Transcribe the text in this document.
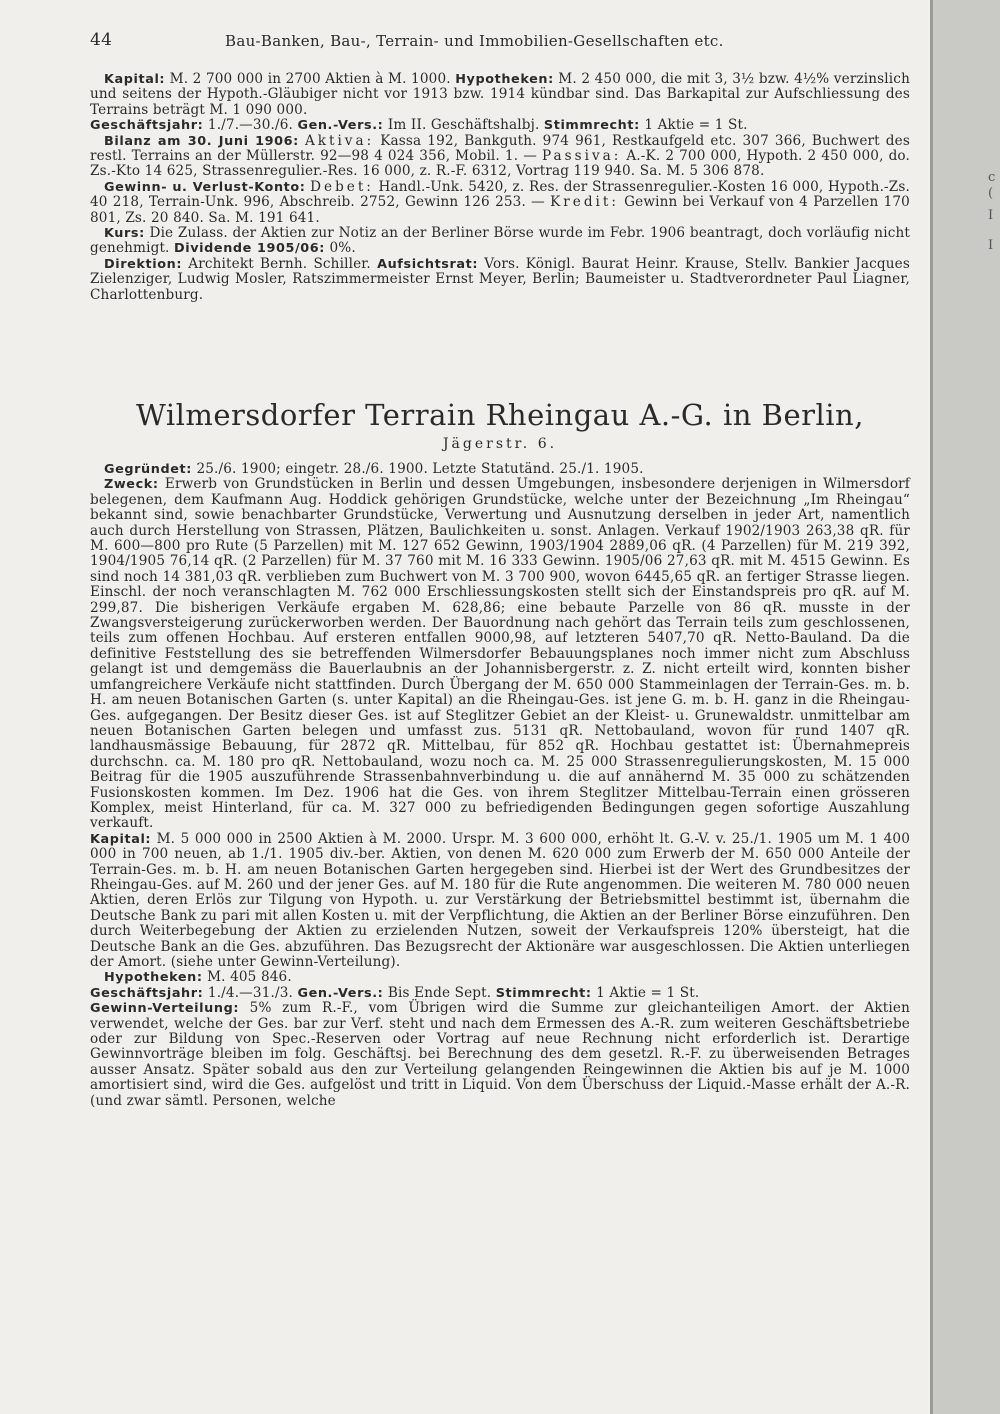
44	Bau-Banken, Bau-, Terrain- und Immobilien-Gesellschaften etc.

Kapital: M. 2 700 000 in 2700 Aktien à M. 1000. Hypotheken: M. 2 450 000, die mit 3, 3½ bzw. 4½% verzinslich und seitens der Hypoth.-Gläubiger nicht vor 1913 bzw. 1914 kündbar sind. Das Barkapital zur Aufschliessung des Terrains beträgt M. 1 090 000.

Geschäftsjahr: 1./7.—30./6. Gen.-Vers.: Im II. Geschäftshalbj. Stimmrecht: 1 Aktie = 1 St.

Bilanz am 30. Juni 1906: Aktiva: Kassa 192, Bankguth. 974 961, Restkaufgeld etc. 307 366, Buchwert des restl. Terrains an der Müllerstr. 92—98 4 024 356, Mobil. 1. — Passiva: A.-K. 2 700 000, Hypoth. 2 450 000, do. Zs.-Kto 14 625, Strassenregulier.-Res. 16 000, z. R.-F. 6312, Vortrag 119 940. Sa. M. 5 306 878.

Gewinn- u. Verlust-Konto: Debet: Handl.-Unk. 5420, z. Res. der Strassenregulier.-Kosten 16 000, Hypoth.-Zs. 40 218, Terrain-Unk. 996, Abschreib. 2752, Gewinn 126 253. — Kredit: Gewinn bei Verkauf von 4 Parzellen 170 801, Zs. 20 840. Sa. M. 191 641.

Kurs: Die Zulass. der Aktien zur Notiz an der Berliner Börse wurde im Febr. 1906 beantragt, doch vorläufig nicht genehmigt. Dividende 1905/06: 0%.

Direktion: Architekt Bernh. Schiller. Aufsichtsrat: Vors. Königl. Baurat Heinr. Krause, Stellv. Bankier Jacques Zielenziger, Ludwig Mosler, Ratszimmermeister Ernst Meyer, Berlin; Baumeister u. Stadtverordneter Paul Liagner, Charlottenburg.

Wilmersdorfer Terrain Rheingau A.-G. in Berlin,
Jägerstr. 6.

Gegründet: 25./6. 1900; eingetr. 28./6. 1900. Letzte Statutänd. 25./1. 1905.

Zweck: Erwerb von Grundstücken in Berlin und dessen Umgebungen, insbesondere derjenigen in Wilmersdorf belegenen, dem Kaufmann Aug. Hoddick gehörigen Grundstücke, welche unter der Bezeichnung „Im Rheingau“ bekannt sind, sowie benachbarter Grundstücke, Verwertung und Ausnutzung derselben in jeder Art, namentlich auch durch Herstellung von Strassen, Plätzen, Baulichkeiten u. sonst. Anlagen. Verkauf 1902/1903 263,38 qR. für M. 600—800 pro Rute (5 Parzellen) mit M. 127 652 Gewinn, 1903/1904 2889,06 qR. (4 Parzellen) für M. 219 392, 1904/1905 76,14 qR. (2 Parzellen) für M. 37 760 mit M. 16 333 Gewinn. 1905/06 27,63 qR. mit M. 4515 Gewinn. Es sind noch 14 381,03 qR. verblieben zum Buchwert von M. 3 700 900, wovon 6445,65 qR. an fertiger Strasse liegen. Einschl. der noch veranschlagten M. 762 000 Erschliessungskosten stellt sich der Einstandspreis pro qR. auf M. 299,87. Die bisherigen Verkäufe ergaben M. 628,86; eine bebaute Parzelle von 86 qR. musste in der Zwangsversteigerung zurückerworben werden. Der Bauordnung nach gehört das Terrain teils zum geschlossenen, teils zum offenen Hochbau. Auf ersteren entfallen 9000,98, auf letzteren 5407,70 qR. Netto-Bauland. Da die definitive Feststellung des sie betreffenden Wilmersdorfer Bebauungsplanes noch immer nicht zum Abschluss gelangt ist und demgemäss die Bauerlaubnis an der Johannisbergerstr. z. Z. nicht erteilt wird, konnten bisher umfangreichere Verkäufe nicht stattfinden. Durch Übergang der M. 650 000 Stammeinlagen der Terrain-Ges. m. b. H. am neuen Botanischen Garten (s. unter Kapital) an die Rheingau-Ges. ist jene G. m. b. H. ganz in die Rheingau-Ges. aufgegangen. Der Besitz dieser Ges. ist auf Steglitzer Gebiet an der Kleist- u. Grunewaldstr. unmittelbar am neuen Botanischen Garten belegen und umfasst zus. 5131 qR. Nettobauland, wovon für rund 1407 qR. landhausmässige Bebauung, für 2872 qR. Mittelbau, für 852 qR. Hochbau gestattet ist: Übernahmepreis durchschn. ca. M. 180 pro qR. Nettobauland, wozu noch ca. M. 25 000 Strassenregulierungskosten, M. 15 000 Beitrag für die 1905 auszuführende Strassenbahnverbindung u. die auf annähernd M. 35 000 zu schätzenden Fusionskosten kommen. Im Dez. 1906 hat die Ges. von ihrem Steglitzer Mittelbau-Terrain einen grösseren Komplex, meist Hinterland, für ca. M. 327 000 zu befriedigenden Bedingungen gegen sofortige Auszahlung verkauft.

Kapital: M. 5 000 000 in 2500 Aktien à M. 2000. Urspr. M. 3 600 000, erhöht lt. G.-V. v. 25./1. 1905 um M. 1 400 000 in 700 neuen, ab 1./1. 1905 div.-ber. Aktien, von denen M. 620 000 zum Erwerb der M. 650 000 Anteile der Terrain-Ges. m. b. H. am neuen Botanischen Garten hergegeben sind. Hierbei ist der Wert des Grundbesitzes der Rheingau-Ges. auf M. 260 und der jener Ges. auf M. 180 für die Rute angenommen. Die weiteren M. 780 000 neuen Aktien, deren Erlös zur Tilgung von Hypoth. u. zur Verstärkung der Betriebsmittel bestimmt ist, übernahm die Deutsche Bank zu pari mit allen Kosten u. mit der Verpflichtung, die Aktien an der Berliner Börse einzuführen. Den durch Weiterbegebung der Aktien zu erzielenden Nutzen, soweit der Verkaufspreis 120% übersteigt, hat die Deutsche Bank an die Ges. abzuführen. Das Bezugsrecht der Aktionäre war ausgeschlossen. Die Aktien unterliegen der Amort. (siehe unter Gewinn-Verteilung).

Hypotheken: M. 405 846.

Geschäftsjahr: 1./4.—31./3. Gen.-Vers.: Bis Ende Sept. Stimmrecht: 1 Aktie = 1 St.

Gewinn-Verteilung: 5% zum R.-F., vom Übrigen wird die Summe zur gleichanteiligen Amort. der Aktien verwendet, welche der Ges. bar zur Verf. steht und nach dem Ermessen des A.-R. zum weiteren Geschäftsbetriebe oder zur Bildung von Spec.-Reserven oder Vortrag auf neue Rechnung nicht erforderlich ist. Derartige Gewinnvorträge bleiben im folg. Geschäftsj. bei Berechnung des dem gesetzl. R.-F. zu überweisenden Betrages ausser Ansatz. Später sobald aus den zur Verteilung gelangenden Reingewinnen die Aktien bis auf je M. 1000 amortisiert sind, wird die Ges. aufgelöst und tritt in Liquid. Von dem Überschuss der Liquid.-Masse erhält der A.-R. (und zwar sämtl. Personen, welche

c
(
I
I
